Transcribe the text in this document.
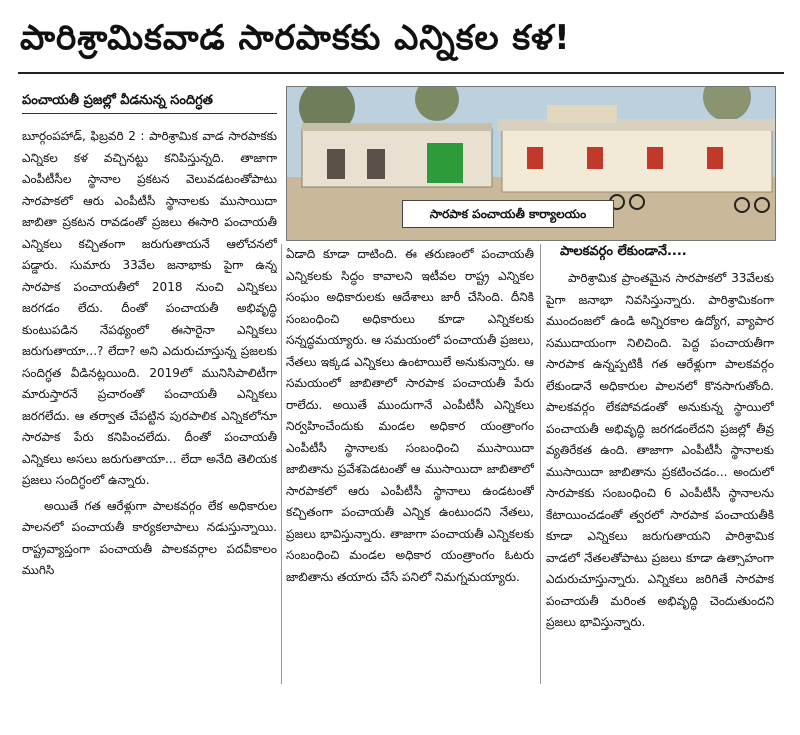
పారిశ్రామికవాడ సారపాకకు ఎన్నికల కళ!
పంచాయతీ ప్రజల్లో వీడనున్న సందిగ్ధత
సారపాక పంచాయతీ కార్యాలయం

బూర్గంపహాడ్, ఫిబ్రవరి 2 : పారిశ్రామిక వాడ సారపాకకు ఎన్నికల కళ వచ్చినట్టు కనిపిస్తున్నది. తాజాగా ఎంపీటీసీల స్థానాల ప్రకటన వెలువడటంతోపాటు సారపాకలో ఆరు ఎంపీటీసీ స్థానాలకు ముసాయిదా జాబితా ప్రకటన రావడంతో ప్రజలు ఈసారి పంచాయతీ ఎన్నికలు కచ్చితంగా జరుగుతాయనే ఆలోచనలో పడ్డారు. సుమారు 33వేల జనాభాకు పైగా ఉన్న సారపాక పంచాయతీలో 2018 నుంచి ఎన్నికలు జరగడం లేదు. దీంతో పంచాయతీ అభివృద్ధి కుంటుపడిన నేపథ్యంలో ఈసారైనా ఎన్నికలు జరుగుతాయా...? లేదా? అని ఎదురుచూస్తున్న ప్రజలకు సందిగ్ధత వీడినట్లయింది. 2019లో మునిసిపాలిటీగా మారుస్తారనే ప్రచారంతో పంచాయతీ ఎన్నికలు జరగలేదు. ఆ తర్వాత చేపట్టిన పురపాలిక ఎన్నికలోనూ సారపాక పేరు కనిపించలేదు. దీంతో పంచాయతీ ఎన్నికలు అసలు జరుగుతాయా... లేదా అనేది తెలియక ప్రజలు సందిగ్ధంలో ఉన్నారు.

అయితే గత ఆరేళ్లుగా పాలకవర్గం లేక అధికారుల పాలనలో పంచాయతీ కార్యకలాపాలు నడుస్తున్నాయి. రాష్ట్రవ్యాప్తంగా పంచాయతీ పాలకవర్గాల పదవీకాలం ముగిసి

ఏడాది కూడా దాటింది. ఈ తరుణంలో పంచాయతీ ఎన్నికలకు సిద్ధం కావాలని ఇటీవల రాష్ట్ర ఎన్నికల సంఘం అధికారులకు ఆదేశాలు జారీ చేసింది. దీనికి సంబంధించి అధికారులు కూడా ఎన్నికలకు సన్నద్ధమయ్యారు. ఆ సమయంలో పంచాయతీ ప్రజలు, నేతలు ఇక్కడ ఎన్నికలు ఉంటాయిలే అనుకున్నారు. ఆ సమయంలో జాబితాలో సారపాక పంచాయతీ పేరు రాలేదు. అయితే ముందుగానే ఎంపీటీసీ ఎన్నికలు నిర్వహించేందుకు మండల అధికార యంత్రాంగం ఎంపీటీసీ స్థానాలకు సంబంధించి ముసాయిదా జాబితాను ప్రవేశపెడటంతో ఆ ముసాయిదా జాబితాలో సారపాకలో ఆరు ఎంపీటీసీ స్థానాలు ఉండటంతో కచ్చితంగా పంచాయతీ ఎన్నిక ఉంటుందని నేతలు, ప్రజలు భావిస్తున్నారు. తాజాగా పంచాయతీ ఎన్నికలకు సంబంధించి మండల అధికార యంత్రాంగం ఓటరు జాబితాను తయారు చేసే పనిలో నిమగ్నమయ్యారు.

పాలకవర్గం లేకుండానే....

పారిశ్రామిక ప్రాంతమైన సారపాకలో 33వేలకు పైగా జనాభా నివసిస్తున్నారు. పారిశ్రామికంగా ముందంజలో ఉండి అన్నిరకాల ఉద్యోగ, వ్యాపార సముదాయంగా నిలిచింది. పెద్ద పంచాయతీగా సారపాక ఉన్నప్పటికీ గత ఆరేళ్లుగా పాలకవర్గం లేకుండానే అధికారుల పాలనలో కొనసాగుతోంది. పాలకవర్గం లేకపోవడంతో అనుకున్న స్థాయిలో పంచాయతీ అభివృద్ధి జరగడంలేదని ప్రజల్లో తీవ్ర వ్యతిరేకత ఉంది. తాజాగా ఎంపీటీసీ స్థానాలకు ముసాయిదా జాబితాను ప్రకటించడం... అందులో సారపాకకు సంబంధించి 6 ఎంపీటీసీ స్థానాలను కేటాయించడంతో త్వరలో సారపాక పంచాయతీకి కూడా ఎన్నికలు జరుగుతాయని పారిశ్రామిక వాడలో నేతలతోపాటు ప్రజలు కూడా ఉత్సాహంగా ఎదురుచూస్తున్నారు. ఎన్నికలు జరిగితే సారపాక పంచాయతీ మరింత అభివృద్ధి చెందుతుందని ప్రజలు భావిస్తున్నారు.
